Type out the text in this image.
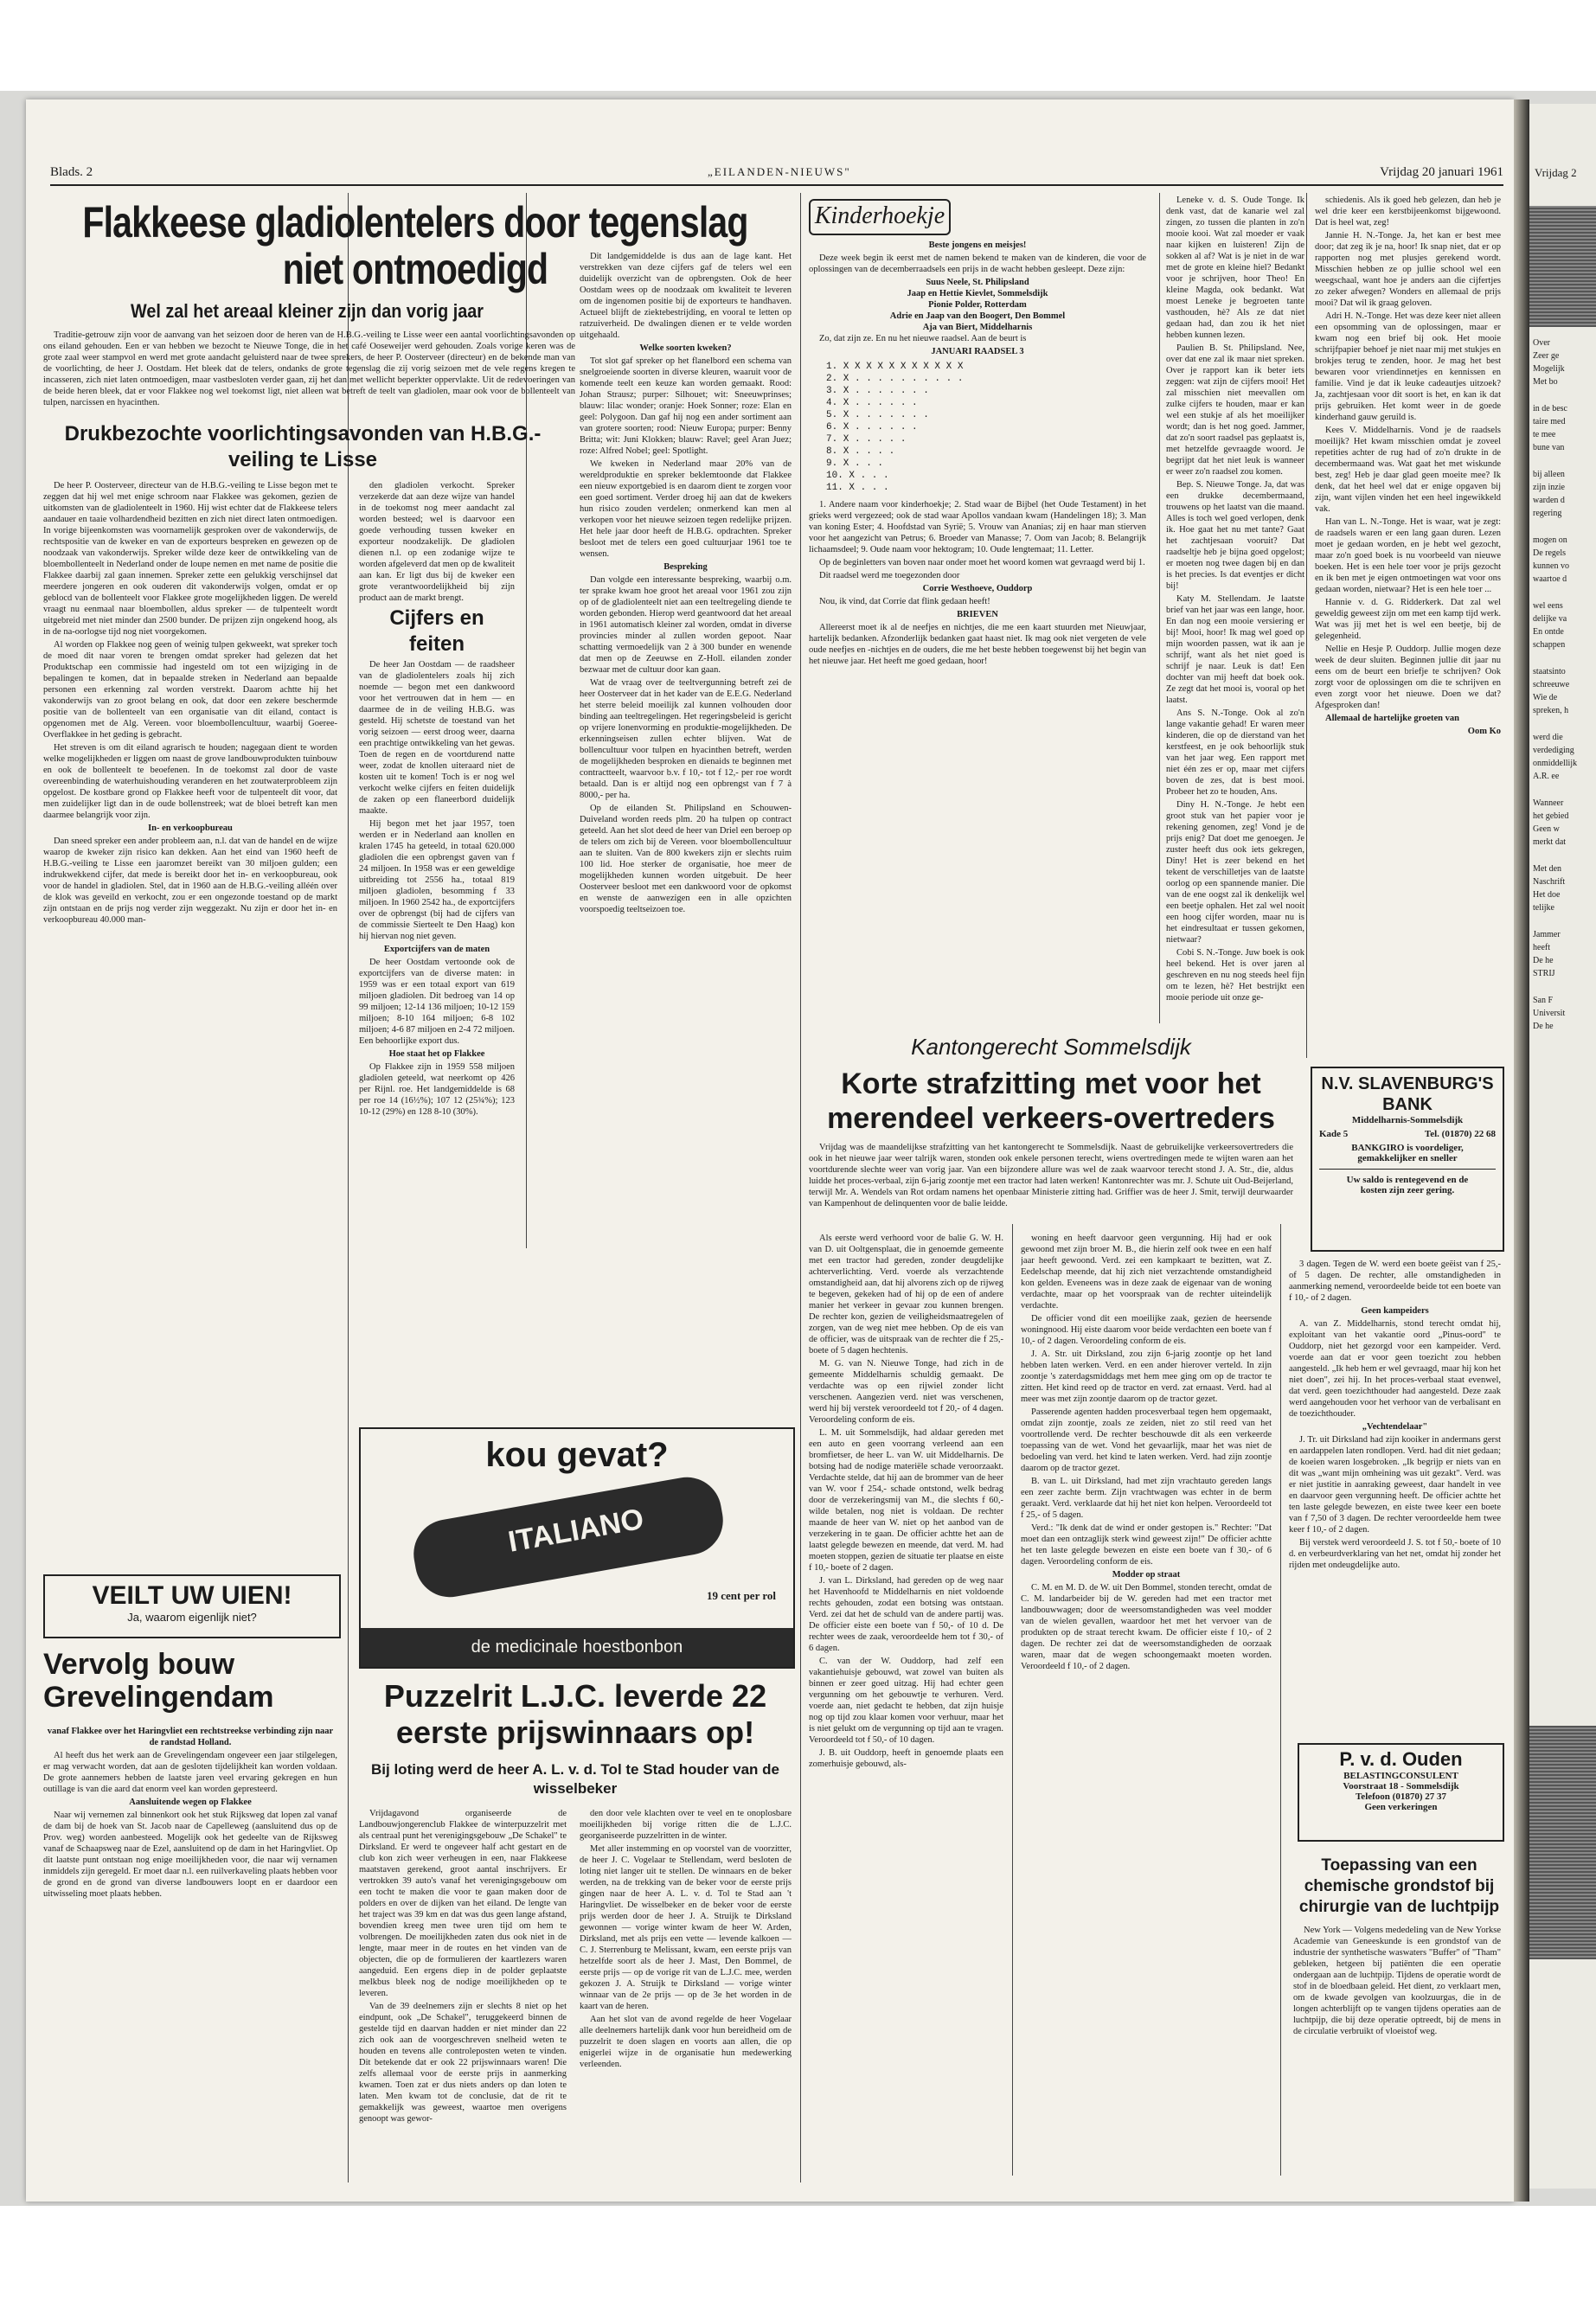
Blads. 2	„EILANDEN-NIEUWS"	Vrijdag 20 januari 1961
Flakkeese gladiolentelers door tegenslag niet ontmoedigd
Wel zal het areaal kleiner zijn dan vorig jaar

Traditie-getrouw zijn voor de aanvang van het seizoen door de heren van de H.B.G.-veiling te Lisse weer een aantal voorlichtingsavonden op ons eiland gehouden. Een er van hebben we bezocht te Nieuwe Tonge, die in het café Ooseweijer werd gehouden. Zoals vorige keren was de grote zaal weer stampvol en werd met grote aandacht geluisterd naar de twee sprekers, de heer P. Oosterveer (directeur) en de bekende man van de voorlichting, de heer J. Oostdam. Het bleek dat de telers, ondanks de grote tegenslag die zij vorig seizoen met de vele regens kregen te incasseren, zich niet laten ontmoedigen, maar vastbesloten verder gaan, zij het dan met wellicht beperkter oppervlakte. Uit de redevoeringen van de beide heren bleek, dat er voor Flakkee nog wel toekomst ligt, niet alleen wat betreft de teelt van gladiolen, maar ook voor de bollenteelt van tulpen, narcissen en hyacinthen.

Drukbezochte voorlichtingsavonden van H.B.G.-veiling te Lisse

De heer P. Oosterveer, directeur van de H.B.G.-veiling te Lisse begon met te zeggen dat hij wel met enige schroom naar Flakkee was gekomen, gezien de uitkomsten van de gladiolenteelt in 1960. Hij wist echter dat de Flakkeese telers aandauer en taaie volhardendheid bezitten en zich niet direct laten ontmoedigen. In vorige bijeenkomsten was voornamelijk gesproken over de vakonderwijs, de rechtspositie van de kweker en van de exporteurs bespreken en gewezen op de noodzaak van vakonderwijs. Spreker wilde deze keer de ontwikkeling van de bloembollenteelt in Nederland onder de loupe nemen en met name de positie die Flakkee daarbij zal gaan innemen. Spreker zette een gelukkig verschijnsel dat meerdere jongeren en ook ouderen dit vakonderwijs volgen, omdat er op geblocd van de bollenteelt voor Flakkee grote mogelijkheden liggen. De wereld vraagt nu eenmaal naar bloembollen, aldus spreker — de tulpenteelt wordt uitgebreid met niet minder dan 2500 bunder. De prijzen zijn ongekend hoog, als in de na-oorlogse tijd nog niet voorgekomen.

Al worden op Flakkee nog geen of weinig tulpen gekweekt, wat spreker toch de moed dit naar voren te brengen omdat spreker had gelezen dat het Produktschap een commissie had ingesteld om tot een wijziging in de bepalingen te komen, dat in bepaalde streken in Nederland aan bepaalde personen een erkenning zal worden verstrekt. Daarom achtte hij het vakonderwijs van zo groot belang en ook, dat door een zekere beschermde positie van de bollenteelt van een organisatie van dit eiland, contact is opgenomen met de Alg. Vereen. voor bloembollencultuur, waarbij Goeree-Overflakkee in het geding is gebracht.

Het streven is om dit eiland agrarisch te houden; nagegaan dient te worden welke mogelijkheden er liggen om naast de grove landbouwprodukten tuinbouw en ook de bollenteelt te beoefenen. In de toekomst zal door de vaste overeenbinding de waterhuishouding veranderen en het zoutwaterprobleem zijn opgelost. De kostbare grond op Flakkee heeft voor de tulpenteelt dit voor, dat men zuidelijker ligt dan in de oude bollenstreek; wat de bloei betreft kan men daarmee belangrijk voor zijn.

In- en verkoopbureau

Dan sneed spreker een ander probleem aan, n.l. dat van de handel en de wijze waarop de kweker zijn risico kan dekken. Aan het eind van 1960 heeft de H.B.G.-veiling te Lisse een jaaromzet bereikt van 30 miljoen gulden; een indrukwekkend cijfer, dat mede is bereikt door het in- en verkoopbureau, ook voor de handel in gladiolen. Stel, dat in 1960 aan de H.B.G.-veiling alléén over de klok was geveild en verkocht, zou er een ongezonde toestand op de markt zijn ontstaan en de prijs nog verder zijn weggezakt. Nu zijn er door het in- en verkoopbureau 40.000 man-

den gladiolen verkocht. Spreker verzekerde dat aan deze wijze van handel in de toekomst nog meer aandacht zal worden besteed; wel is daarvoor een goede verhouding tussen kweker en exporteur noodzakelijk. De gladiolen dienen n.l. op een zodanige wijze te worden afgeleverd dat men op de kwaliteit aan kan. Er ligt dus bij de kweker een grote verantwoordelijkheid bij zijn product aan de markt brengt.

Cijfers en feiten

De heer Jan Oostdam — de raadsheer van de gladiolentelers zoals hij zich noemde — begon met een dankwoord voor het vertrouwen dat in hem — en daarmee de in de veiling H.B.G. was gesteld. Hij schetste de toestand van het vorig seizoen — eerst droog weer, daarna een prachtige ontwikkeling van het gewas. Toen de regen en de voortdurend natte weer, zodat de knollen uiteraard niet de kosten uit te komen! Toch is er nog wel verkocht welke cijfers en feiten duidelijk de zaken op een flaneerbord duidelijk maakte.

Hij begon met het jaar 1957, toen werden er in Nederland aan knollen en kralen 1745 ha geteeld, in totaal 620.000 gladiolen die een opbrengst gaven van f 24 miljoen. In 1958 was er een geweldige uitbreiding tot 2556 ha., totaal 819 miljoen gladiolen, besomming f 33 miljoen. In 1960 2542 ha., de exportcijfers over de opbrengst (bij had de cijfers van de commissie Sierteelt te Den Haag) kon hij hiervan nog niet geven.

Exportcijfers van de maten

De heer Oostdam vertoonde ook de exportcijfers van de diverse maten: in 1959 was er een totaal export van 619 miljoen gladiolen. Dit bedroeg van 14 op 99 miljoen; 12-14 136 miljoen; 10-12 159 miljoen; 8-10 164 miljoen; 6-8 102 miljoen; 4-6 87 miljoen en 2-4 72 miljoen. Een behoorlijke export dus.

Hoe staat het op Flakkee

Op Flakkee zijn in 1959 558 miljoen gladiolen geteeld, wat neerkomt op 426 per Rijnl. roe. Het landgemiddelde is 68 per roe 14 (16½%); 107 12 (25¾%); 123 10-12 (29%) en 128 8-10 (30%).

Dit landgemiddelde is dus aan de lage kant. Het verstrekken van deze cijfers gaf de telers wel een duidelijk overzicht van de opbrengsten. Ook de heer Oostdam wees op de noodzaak om kwaliteit te leveren om de ingenomen positie bij de exporteurs te handhaven. Actueel blijft de ziektebestrijding, en vooral te letten op ratzuiverheid. De dwalingen dienen er te velde worden uitgehaald.

Welke soorten kweken?

Tot slot gaf spreker op het flanelbord een schema van snelgroeiende soorten in diverse kleuren, waaruit voor de komende teelt een keuze kan worden gemaakt. Rood: Johan Strausz; purper: Silhouet; wit: Sneeuwprinses; blauw: lilac wonder; oranje: Hoek Sonner; roze: Elan en geel: Polygoon. Dan gaf hij nog een ander sortiment aan van grotere soorten; rood: Nieuw Europa; purper: Benny Britta; wit: Juni Klokken; blauw: Ravel; geel Aran Juez; roze: Alfred Nobel; geel: Spotlight.

We kweken in Nederland maar 20% van de wereldproduktie en spreker beklemtoonde dat Flakkee een nieuw exportgebied is en daarom dient te zorgen voor een goed sortiment. Verder droeg hij aan dat de kwekers hun risico zouden verdelen; onmerkend kan men al verkopen voor het nieuwe seizoen tegen redelijke prijzen. Het hele jaar door heeft de H.B.G. opdrachten. Spreker besloot met de telers een goed cultuurjaar 1961 toe te wensen.

Bespreking

Dan volgde een interessante bespreking, waarbij o.m. ter sprake kwam hoe groot het areaal voor 1961 zou zijn op of de gladiolenteelt niet aan een teeltregeling diende te worden gebonden. Hierop werd geantwoord dat het areaal in 1961 automatisch kleiner zal worden, omdat in diverse provincies minder al zullen worden gepoot. Naar schatting vermoedelijk van 2 à 300 bunder en wenende dat men op de Zeeuwse en Z-Holl. eilanden zonder bezwaar met de cultuur door kan gaan.

Wat de vraag over de teeltvergunning betreft zei de heer Oosterveer dat in het kader van de E.E.G. Nederland het sterre beleid moeilijk zal kunnen volhouden door binding aan teeltregelingen. Het regeringsbeleid is gericht op vrijere lonenvorming en produktie-mogelijkheden. De erkenningseisen zullen echter blijven. Wat de bollencultuur voor tulpen en hyacinthen betreft, werden de mogelijkheden besproken en dienaids te beginnen met contractteelt, waarvoor b.v. f 10,- tot f 12,- per roe wordt betaald. Dan is er altijd nog een opbrengst van f 7 à 8000,- per ha.

Op de eilanden St. Philipsland en Schouwen-Duiveland worden reeds plm. 20 ha tulpen op contract geteeld. Aan het slot deed de heer van Driel een beroep op de telers om zich bij de Vereen. voor bloembollencultuur aan te sluiten. Van de 800 kwekers zijn er slechts ruim 100 lid. Hoe sterker de organisatie, hoe meer de mogelijkheden kunnen worden uitgebuit. De heer Oosterveer besloot met een dankwoord voor de opkomst en wenste de aanwezigen een in alle opzichten voorspoedig teeltseizoen toe.

VEILT UW UIEN!
Ja, waarom eigenlijk niet?
Vervolg bouw Grevelingendam

vanaf Flakkee over het Haringvliet een rechtstreekse verbinding zijn naar de randstad Holland.

Al heeft dus het werk aan de Grevelingendam ongeveer een jaar stilgelegen, er mag verwacht worden, dat aan de gesloten tijdelijkheit kan worden voldaan. De grote aannemers hebben de laatste jaren veel ervaring gekregen en hun outillage is van die aard dat enorm veel kan worden gepresteerd.

Aansluitende wegen op Flakkee

Naar wij vernemen zal binnenkort ook het stuk Rijksweg dat lopen zal vanaf de dam bij de hoek van St. Jacob naar de Capelleweg (aansluitend dus op de Prov. weg) worden aanbesteed. Mogelijk ook het gedeelte van de Rijksweg vanaf de Schaapsweg naar de Ezel, aansluitend op de dam in het Haringvliet. Op dit laatste punt ontstaan nog enige moeilijkheden voor, die naar wij vernamen inmiddels zijn geregeld. Er moet daar n.l. een ruilverkaveling plaats hebben voor de grond en de grond van diverse landbouwers loopt en er daardoor een uitwisseling moet plaats hebben.

kou gevat?
ITALIANO
19 cent per rol
de medicinale hoestbonbon
Puzzelrit L.J.C. leverde 22 eerste prijswinnaars op!
Bij loting werd de heer A. L. v. d. Tol te Stad houder van de wisselbeker

Vrijdagavond organiseerde de Landbouwjongerenclub Flakkee de winterpuzzelrit met als centraal punt het verenigingsgebouw „De Schakel" te Dirksland. Er werd te ongeveer half acht gestart en de club kon zich weer verheugen in een, naar Flakkeese maatstaven gerekend, groot aantal inschrijvers. Er vertrokken 39 auto's vanaf het verenigingsgebouw om een tocht te maken die voor te gaan maken door de polders en over de dijken van het eiland. De lengte van het traject was 39 km en dat was dus geen lange afstand, bovendien kreeg men twee uren tijd om hem te volbrengen. De moeilijkheden zaten dus ook niet in de lengte, maar meer in de routes en het vinden van de objecten, die op de formulieren der kaartlezers waren aangeduid. Een ergens diep in de polder geplaatste melkbus bleek nog de nodige moeilijkheden op te leveren.

Van de 39 deelnemers zijn er slechts 8 niet op het eindpunt, ook „De Schakel", teruggekeerd binnen de gestelde tijd en daarvan hadden er niet minder dan 22 zich ook aan de voorgeschreven snelheid weten te houden en tevens alle controleposten weten te vinden. Dit betekende dat er ook 22 prijswinnaars waren! Die zelfs allemaal voor de eerste prijs in aanmerking kwamen. Toen zat er dus niets anders op dan loten te laten. Men kwam tot de conclusie, dat de rit te gemakkelijk was geweest, waartoe men overigens genoopt was gewor-

den door vele klachten over te veel en te onoplosbare moeilijkheden bij vorige ritten die de L.J.C. georganiseerde puzzelritten in de winter.

Met aller instemming en op voorstel van de voorzitter, de heer J. C. Vogelaar te Stellendam, werd besloten de loting niet langer uit te stellen. De winnaars en de beker werden, na de trekking van de beker voor de eerste prijs gingen naar de heer A. L. v. d. Tol te Stad aan 't Haringvliet. De wisselbeker en de beker voor de eerste prijs werden door de heer J. A. Struijk te Dirksland gewonnen — vorige winter kwam de heer W. Arden, Dirksland, met als prijs een vette — levende kalkoen — C. J. Sterrenburg te Melissant, kwam, een eerste prijs van hetzelfde soort als de heer J. Mast, Den Bommel, de eerste prijs — op de vorige rit van de L.J.C. mee, werden gekozen J. A. Struijk te Dirksland — vorige winter winnaar van de 2e prijs — op de 3e het worden in de kaart van de heren.

Aan het slot van de avond regelde de heer Vogelaar alle deelnemers hartelijk dank voor hun bereidheid om de puzzelrit te doen slagen en voorts aan allen, die op enigerlei wijze in de organisatie hun medewerking verleenden.

Kinderhoekje

Beste jongens en meisjes!

Deze week begin ik eerst met de namen bekend te maken van de kinderen, die voor de oplossingen van de decemberraadsels een prijs in de wacht hebben gesleept. Deze zijn:

Suus Neele, St. Philipsland
Jaap en Hettie Kievlet, Sommelsdijk
Pionie Polder, Rotterdam
Adrie en Jaap van den Boogert, Den Bommel
Aja van Biert, Middelharnis

Zo, dat zijn ze. En nu het nieuwe raadsel. Aan de beurt is

JANUARI RAADSEL 3

1. X X X X X X X X X X X
2. X . . . . . . . . . .
3. X . . . . . . .
4. X . . . . . .
5. X . . . . . . .
6. X . . . . . .
7. X . . . . .
8. X . . . .
9. X . . .
10. X . . .
11. X . . .

1. Andere naam voor kinderhoekje; 2. Stad waar de Bijbel (het Oude Testament) in het grieks werd vergezeed; ook de stad waar Apollos vandaan kwam (Handelingen 18); 3. Man van koning Ester; 4. Hoofdstad van Syrië; 5. Vrouw van Ananias; zij en haar man stierven voor het aangezicht van Petrus; 6. Broeder van Manasse; 7. Oom van Jacob; 8. Belangrijk lichaamsdeel; 9. Oude naam voor hektogram; 10. Oude lengtemaat; 11. Letter.

Op de beginletters van boven naar onder moet het woord komen wat gevraagd werd bij 1.

Dit raadsel werd me toegezonden door

Corrie Westhoeve, Ouddorp

Nou, ik vind, dat Corrie dat flink gedaan heeft!

BRIEVEN

Allereerst moet ik al de neefjes en nichtjes, die me een kaart stuurden met Nieuwjaar, hartelijk bedanken. Afzonderlijk bedanken gaat haast niet. Ik mag ook niet vergeten de vele oude neefjes en -nichtjes en de ouders, die me het beste hebben toegewenst bij het begin van het nieuwe jaar. Het heeft me goed gedaan, hoor!

Leneke v. d. S. Oude Tonge. Ik denk vast, dat de kanarie wel zal zingen, zo tussen die planten in zo'n mooie kooi. Wat zal moeder er vaak naar kijken en luisteren! Zijn de sokken al af? Wat is je niet in de war met de grote en kleine hiel? Bedankt voor je schrijven, hoor Theo! En kleine Magda, ook bedankt. Wat moest Leneke je begroeten tante vasthouden, hè? Als ze dat niet gedaan had, dan zou ik het niet hebben kunnen lezen.

Paulien B. St. Philipsland. Nee, over dat ene zal ik maar niet spreken. Over je rapport kan ik beter iets zeggen: wat zijn de cijfers mooi! Het zal misschien niet meevallen om zulke cijfers te houden, maar er kan wel een stukje af als het moeilijker wordt; dan is het nog goed. Jammer, dat zo'n soort raadsel pas geplaatst is, met hetzelfde gevraagde woord. Je begrijpt dat het niet leuk is wanneer er weer zo'n raadsel zou komen.

Bep. S. Nieuwe Tonge. Ja, dat was een drukke decembermaand, trouwens op het laatst van die maand. Alles is toch wel goed verlopen, denk ik. Hoe gaat het nu met tante? Gaat het zachtjesaan vooruit? Dat raadseltje heb je bijna goed opgelost; er moeten nog twee dagen bij en dan is het precies. Is dat eventjes er dicht bij!

Katy M. Stellendam. Je laatste brief van het jaar was een lange, hoor. En dan nog een mooie versiering er bij! Mooi, hoor! Ik mag wel goed op mijn woorden passen, wat ik aan je schrijf, want als het niet goed is schrijf je naar. Leuk is dat! Een dochter van mij heeft dat boek ook. Ze zegt dat het mooi is, vooral op het laatst.

Ans S. N.-Tonge. Ook al zo'n lange vakantie gehad! Er waren meer kinderen, die op de dierstand van het kerstfeest, en je ook behoorlijk stuk van het jaar weg. Een rapport met niet één zes er op, maar met cijfers boven de zes, dat is best mooi. Probeer het zo te houden, Ans.

Diny H. N.-Tonge. Je hebt een groot stuk van het papier voor je rekening genomen, zeg! Vond je de prijs enig? Dat doet me genoegen. Je zuster heeft dus ook iets gekregen, Diny! Het is zeer bekend en het tekent de verschilletjes van de laatste oorlog op een spannende manier. Die van de ene oogst zal ik denkelijk wel een beetje ophalen. Het zal wel nooit een hoog cijfer worden, maar nu is het eindresultaat er tussen gekomen, nietwaar?

Cobi S. N.-Tonge. Juw boek is ook heel bekend. Het is over jaren al geschreven en nu nog steeds heel fijn om te lezen, hè? Het bestrijkt een mooie periode uit onze ge-

schiedenis. Als ik goed heb gelezen, dan heb je wel drie keer een kerstbijeenkomst bijgewoond. Dat is heel wat, zeg!

Jannie H. N.-Tonge. Ja, het kan er best mee door; dat zeg ik je na, hoor! Ik snap niet, dat er op rapporten nog met plusjes gerekend wordt. Misschien hebben ze op jullie school wel een weegschaal, want hoe je anders aan die cijfertjes zo zeker afwegen? Wonders en allemaal de prijs mooi? Dat wil ik graag geloven.

Adri H. N.-Tonge. Het was deze keer niet alleen een opsomming van de oplossingen, maar er kwam nog een brief bij ook. Het mooie schrijfpapier behoef je niet naar mij met stukjes en brokjes terug te zenden, hoor. Je mag het best bewaren voor vriendinnetjes en kennissen en familie. Vind je dat ik leuke cadeautjes uitzoek? Ja, zachtjesaan voor dit soort is het, en kan ik dat prijs gebruiken. Het komt weer in de goede kinderhand gauw geruild is.

Kees V. Middelharnis. Vond je de raadsels moeilijk? Het kwam misschien omdat je zoveel repetities achter de rug had of zo'n drukte in de decembermaand was. Wat gaat het met wiskunde best, zeg! Heb je daar glad geen moeite mee? Ik denk, dat het heel wel dat er enige opgaven bij zijn, want vijlen vinden het een heel ingewikkeld vak.

Han van L. N.-Tonge. Het is waar, wat je zegt: de raadsels waren er een lang gaan duren. Lezen moet je gedaan worden, en je hebt wel gezocht, maar zo'n goed boek is nu voorbeeld van nieuwe boeken. Het is een hele toer voor je prijs gezocht en ik ben met je eigen ontmoetingen wat voor ons gedaan worden, nietwaar? Het is een hele toer ...

Hannie v. d. G. Ridderkerk. Dat zal wel geweldig geweest zijn om met een kamp tijd werk. Wat was jij met het is wel een beetje, bij de gelegenheid.

Nellie en Hesje P. Ouddorp. Jullie mogen deze week de deur sluiten. Beginnen jullie dit jaar nu eens om de beurt een briefje te schrijven? Ook zorgt voor de oplossingen om die te schrijven en even zorgt voor het nieuwe. Doen we dat? Afgesproken dan!

Allemaal de hartelijke groeten van

Oom Ko

Kantongerecht Sommelsdijk
Korte strafzitting met voor het merendeel verkeers-overtreders

Vrijdag was de maandelijkse strafzitting van het kantongerecht te Sommelsdijk. Naast de gebruikelijke verkeersovertreders die ook in het nieuwe jaar weer talrijk waren, stonden ook enkele personen terecht, wiens overtredingen mede te wijten waren aan het voortdurende slechte weer van vorig jaar. Van een bijzondere allure was wel de zaak waarvoor terecht stond J. A. Str., die, aldus luidde het proces-verbaal, zijn 6-jarig zoontje met een tractor had laten werken! Kantonrechter was mr. J. Schute uit Oud-Beijerland, terwijl Mr. A. Wendels van Rot ordam namens het openbaar Ministerie zitting had. Griffier was de heer J. Smit, terwijl deurwaarder van Kampenhout de delinquenten voor de balie leidde.

Als eerste werd verhoord voor de balie G. W. H. van D. uit Ooltgensplaat, die in genoemde gemeente met een tractor had gereden, zonder deugdelijke achterverlichting. Verd. voerde als verzachtende omstandigheid aan, dat hij alvorens zich op de rijweg te begeven, gekeken had of hij op de een of andere manier het verkeer in gevaar zou kunnen brengen. De rechter kon, gezien de veiligheidsmaatregelen of zorgen, van de weg niet mee hebben. Op de eis van de officier, was de uitspraak van de rechter die f 25,- boete of 5 dagen hechtenis.

M. G. van N. Nieuwe Tonge, had zich in de gemeente Middelharnis schuldig gemaakt. De verdachte was op een rijwiel zonder licht verschenen. Aangezien verd. niet was verschenen, werd hij bij verstek veroordeeld tot f 20,- of 4 dagen. Veroordeling conform de eis.

L. M. uit Sommelsdijk, had aldaar gereden met een auto en geen voorrang verleend aan een bromfietser, de heer L. van W. uit Middelharnis. De botsing had de nodige materiële schade veroorzaakt. Verdachte stelde, dat hij aan de brommer van de heer van W. voor f 254,- schade ontstond, welk bedrag door de verzekeringsmij van M., die slechts f 60,- wilde betalen, nog niet is voldaan. De rechter maande de heer van W. niet op het aanbod van de verzekering in te gaan. De officier achtte het aan de laatst gelegde bewezen en meende, dat verd. M. had moeten stoppen, gezien de situatie ter plaatse en eiste f 10,- boete of 2 dagen.

J. van L. Dirksland, had gereden op de weg naar het Havenhoofd te Middelharnis en niet voldoende rechts gehouden, zodat een botsing was ontstaan. Verd. zei dat het de schuld van de andere partij was. De officier eiste een boete van f 50,- of 10 d. De rechter wees de zaak, veroordeelde hem tot f 30,- of 6 dagen.

C. van der W. Ouddorp, had zelf een vakantiehuisje gebouwd, wat zowel van buiten als binnen er zeer goed uitzag. Hij had echter geen vergunning om het gebouwtje te verhuren. Verd. voerde aan, niet gedacht te hebben, dat zijn huisje nog op tijd zou klaar komen voor verhuur, maar het is niet gelukt om de vergunning op tijd aan te vragen. Veroordeeld tot f 50,- of 10 dagen.

J. B. uit Ouddorp, heeft in genoemde plaats een zomerhuisje gebouwd, als-

woning en heeft daarvoor geen vergunning. Hij had er ook gewoond met zijn broer M. B., die hierin zelf ook twee en een half jaar heeft gewoond. Verd. zei een kampkaart te bezitten, wat Z. Eedelschap meende, dat hij zich niet verzachtende omstandigheid kon gelden. Eveneens was in deze zaak de eigenaar van de woning verdachte, maar op het voorspraak van de rechter uiteindelijk verdachte.

De officier vond dit een moeilijke zaak, gezien de heersende woningnood. Hij eiste daarom voor beide verdachten een boete van f 10,- of 2 dagen. Veroordeling conform de eis.

J. A. Str. uit Dirksland, zou zijn 6-jarig zoontje op het land hebben laten werken. Verd. en een ander hierover verteld. In zijn zoontje 's zaterdagsmiddags met hem mee ging om op de tractor te zitten. Het kind reed op de tractor en verd. zat ernaast. Verd. had al meer was met zijn zoontje daarom op de tractor gezet.

Passerende agenten hadden procesverbaal tegen hem opgemaakt, omdat zijn zoontje, zoals ze zeiden, niet zo stil reed van het voortrollende verd. De rechter beschouwde dit als een verkeerde toepassing van de wet. Vond het gevaarlijk, maar het was niet de bedoeling van verd. het kind te laten werken. Verd. had zijn zoontje daarom op de tractor gezet.

B. van L. uit Dirksland, had met zijn vrachtauto gereden langs een zeer zachte berm. Zijn vrachtwagen was echter in de berm geraakt. Verd. verklaarde dat hij het niet kon helpen. Veroordeeld tot f 25,- of 5 dagen.

Verd.: "Ik denk dat de wind er onder gestopen is." Rechter: "Dat moet dan een ontzaglijk sterk wind geweest zijn!" De officier achtte het ten laste gelegde bewezen en eiste een boete van f 30,- of 6 dagen. Veroordeling conform de eis.

Modder op straat

C. M. en M. D. de W. uit Den Bommel, stonden terecht, omdat de C. M. landarbeider bij de W. gereden had met een tractor met landbouwwagen; door de weersomstandigheden was veel modder van de wielen gevallen, waardoor het met het vervoer van de produkten op de straat terecht kwam. De officier eiste f 10,- of 2 dagen. De rechter zei dat de weersomstandigheden de oorzaak waren, maar dat de wegen schoongemaakt moeten worden. Veroordeeld f 10,- of 2 dagen.

N.V. SLAVENBURG'S BANK
Middelharnis-Sommelsdijk
Kade 5	Tel. (01870) 22 68
BANKGIRO is voordeliger,
gemakkelijker en sneller
Uw saldo is rentegevend en de
kosten zijn zeer gering.

3 dagen. Tegen de W. werd een boete geëist van f 25,- of 5 dagen. De rechter, alle omstandigheden in aanmerking nemend, veroordeelde beide tot een boete van f 10,- of 2 dagen.

Geen kampeiders

A. van Z. Middelharnis, stond terecht omdat hij, exploitant van het vakantie oord „Pinus-oord" te Ouddorp, niet het gezorgd voor een kampeider. Verd. voerde aan dat er voor geen toezicht zou hebben aangesteld. „Ik heb hem er wel gevraagd, maar hij kon het niet doen", zei hij. In het proces-verbaal staat evenwel, dat verd. geen toezichthouder had aangesteld. Deze zaak werd aangehouden voor het verhoor van de verbalisant en de toezichthouder.

„Vechtendelaar"

J. Tr. uit Dirksland had zijn kooiker in andermans gerst en aardappelen laten rondlopen. Verd. had dit niet gedaan; de koeien waren losgebroken. „Ik begrijp er niets van en dit was „want mijn omheining was uit gezakt". Verd. was er niet justitie in aanraking geweest, daar handelt in vee en daarvoor geen vergunning heeft. De officier achtte het ten laste gelegde bewezen, en eiste twee keer een boete van f 7,50 of 3 dagen. De rechter veroordeelde hem twee keer f 10,- of 2 dagen.

Bij verstek werd veroordeeld J. S. tot f 50,- boete of 10 d. en verbeurdverklaring van het net, omdat hij zonder het rijden met ondeugdelijke auto.

P. v. d. Ouden
BELASTINGCONSULENT
Voorstraat 18 - Sommelsdijk
Telefoon (01870) 27 37
Geen verkeringen
Toepassing van een chemische grondstof bij chirurgie van de luchtpijp

New York — Volgens mededeling van de New Yorkse Academie van Geneeskunde is een grondstof van de industrie der synthetische waswaters "Buffer" of "Tham" gebleken, hetgeen bij patiënten die een operatie ondergaan aan de luchtpijp. Tijdens de operatie wordt de stof in de bloedbaan geleid. Het dient, zo verklaart men, om de kwade gevolgen van koolzuurgas, die in de longen achterblijft op te vangen tijdens operaties aan de luchtpijp, die bij deze operatie optreedt, bij de mens in de circulatie verbruikt of vloeistof weg.

Vrijdag 2
Over
Zeer ge
Mogelijk
Met bo
in de besc
taire med
te mee
bune van
bij alleen
zijn inzie
warden d
regering
mogen on
De regels
kunnen vo
waartoe d
wel eens
delijke va
En ontde
schappen
staatsinto
schreeuwe
Wie de
spreken, h
werd die
verdediging
onmiddellijk
A.R. ee
Wanneer
het gebied
Geen w
merkt dat
Met den
Naschrift
Het doe
telijke
Jammer
heeft
De he
STRIJ
San F
Universit
De he
